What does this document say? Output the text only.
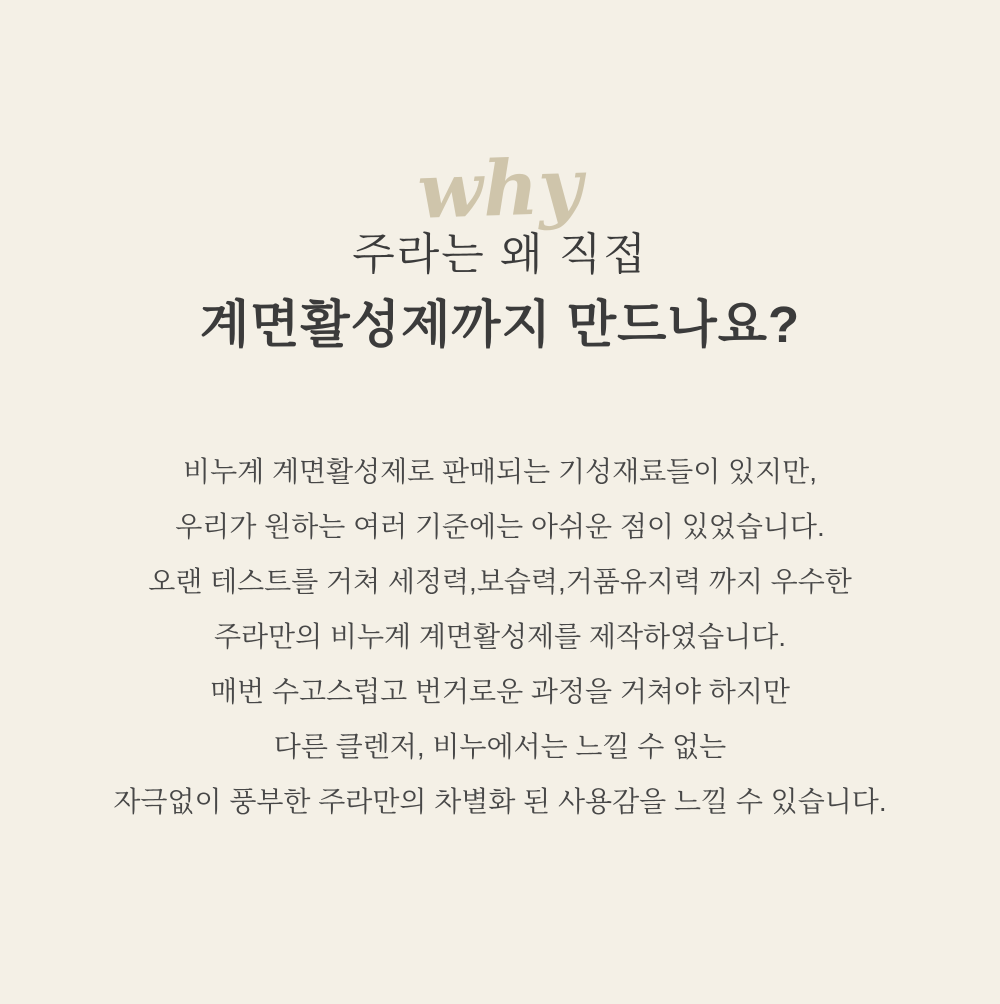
why
주라는 왜 직접
계면활성제까지 만드나요?
비누계 계면활성제로 판매되는 기성재료들이 있지만,
우리가 원하는 여러 기준에는 아쉬운 점이 있었습니다.
오랜 테스트를 거쳐 세정력,보습력,거품유지력 까지 우수한
주라만의 비누계 계면활성제를 제작하였습니다.
매번 수고스럽고 번거로운 과정을 거쳐야 하지만
다른 클렌저, 비누에서는 느낄 수 없는
자극없이 풍부한 주라만의 차별화 된 사용감을 느낄 수 있습니다.
